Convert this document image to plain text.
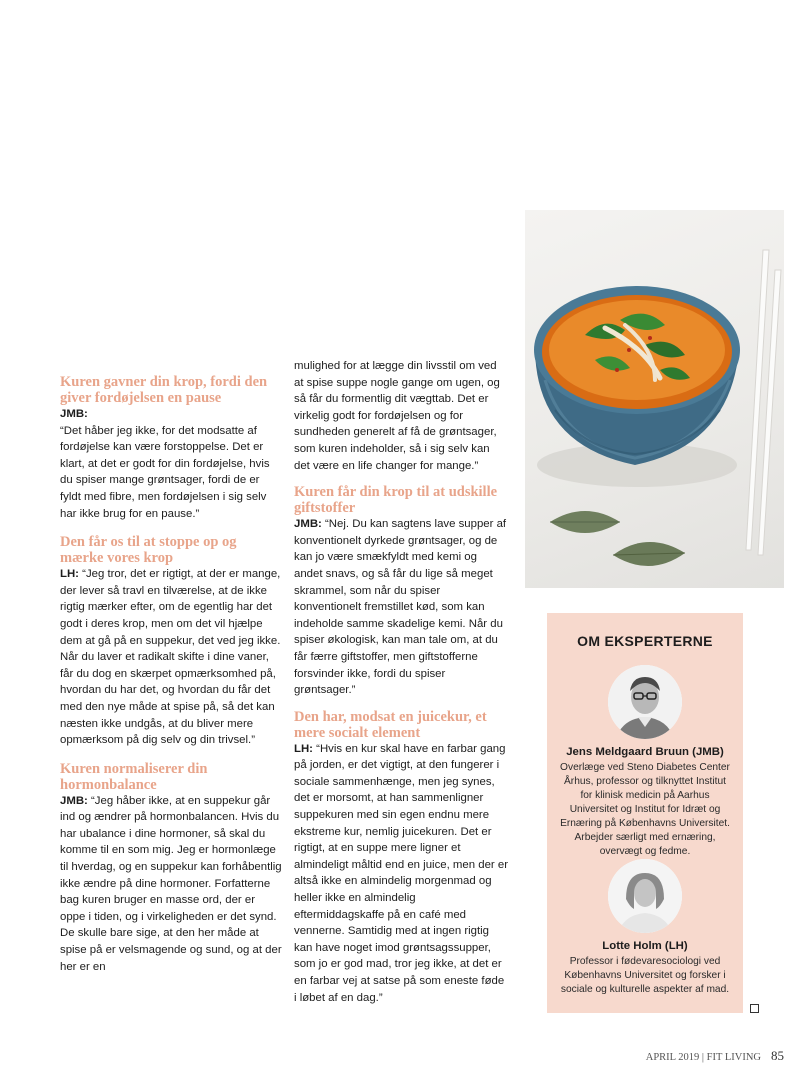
Kuren gavner din krop, fordi den giver fordøjelsen en pause

JMB:
“Det håber jeg ikke, for det modsatte af fordøjelse kan være forstoppelse. Det er klart, at det er godt for din fordøjelse, hvis du spiser mange grøntsager, fordi de er fyldt med fibre, men fordøjelsen i sig selv har ikke brug for en pause.”

Den får os til at stoppe op og mærke vores krop

LH: “Jeg tror, det er rigtigt, at der er mange, der lever så travl en tilværelse, at de ikke rigtig mærker efter, om de egentlig har det godt i deres krop, men om det vil hjælpe dem at gå på en suppekur, det ved jeg ikke. Når du laver et radikalt skifte i dine vaner, får du dog en skærpet opmærksomhed på, hvordan du har det, og hvordan du får det med den nye måde at spise på, så det kan næsten ikke undgås, at du bliver mere opmærksom på dig selv og din trivsel.”

Kuren normaliserer din hormonbalance

JMB: “Jeg håber ikke, at en suppekur går ind og ændrer på hormonbalancen. Hvis du har ubalance i dine hormoner, så skal du komme til en som mig. Jeg er hormonlæge til hverdag, og en suppekur kan forhåbentlig ikke ændre på dine hormoner. Forfatterne bag kuren bruger en masse ord, der er oppe i tiden, og i virkeligheden er det synd. De skulle bare sige, at den her måde at spise på er velsmagende og sund, og at der her er en

mulighed for at lægge din livsstil om ved at spise suppe nogle gange om ugen, og så får du formentlig dit vægttab. Det er virkelig godt for fordøjelsen og for sundheden generelt af få de grøntsager, som kuren indeholder, så i sig selv kan det være en life changer for mange.”

Kuren får din krop til at udskille giftstoffer

JMB: “Nej. Du kan sagtens lave supper af konventionelt dyrkede grøntsager, og de kan jo være smækfyldt med kemi og andet snavs, og så får du lige så meget skrammel, som når du spiser konventionelt fremstillet kød, som kan indeholde samme skadelige kemi. Når du spiser økologisk, kan man tale om, at du får færre giftstoffer, men giftstofferne forsvinder ikke, fordi du spiser grøntsager.”

Den har, modsat en juicekur, et mere socialt element

LH: “Hvis en kur skal have en farbar gang på jorden, er det vigtigt, at den fungerer i sociale sammenhænge, men jeg synes, det er morsomt, at han sammenligner suppekuren med sin egen endnu mere ekstreme kur, nemlig juicekuren. Det er rigtigt, at en suppe mere ligner et almindeligt måltid end en juice, men der er altså ikke en almindelig morgenmad og heller ikke en almindelig eftermiddagskaffe på en café med vennerne. Samtidig med at ingen rigtig kan have noget imod grøntsagssupper, som jo er god mad, tror jeg ikke, at det er en farbar vej at satse på som eneste føde i løbet af en dag.”

OM EKSPERTERNE
Jens Meldgaard Bruun (JMB)
Overlæge ved Steno Diabetes Center Århus, professor og tilknyttet Institut for klinisk medicin på Aarhus Universitet og Institut for Idræt og Ernæring på Københavns Universitet. Arbejder særligt med ernæring, overvægt og fedme.
Lotte Holm (LH)
Professor i fødevaresociologi ved Københavns Universitet og forsker i sociale og kulturelle aspekter af mad.
APRIL 2019 | FIT LIVING 85
